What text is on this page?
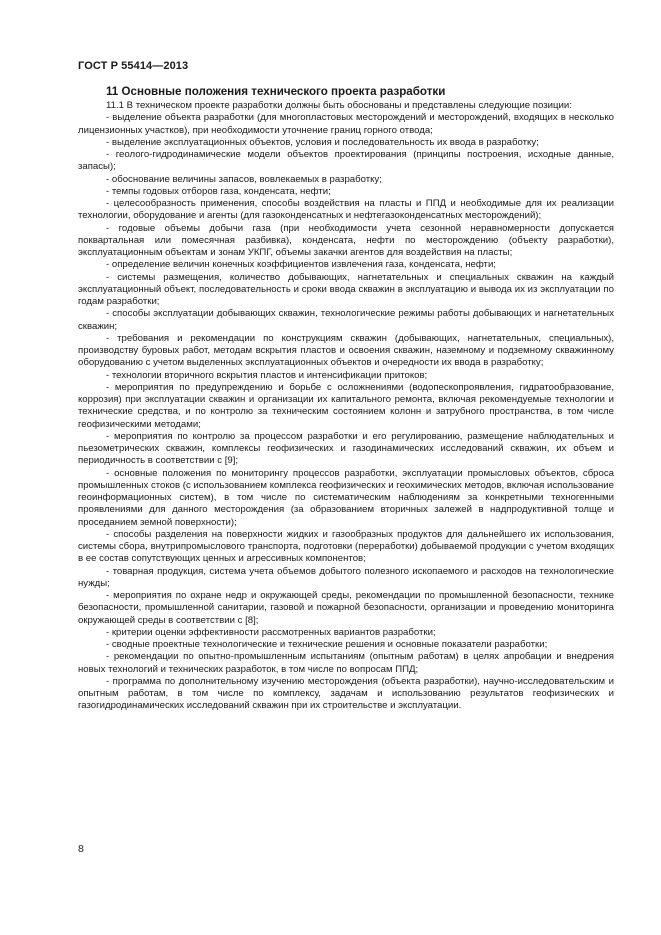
ГОСТ Р 55414—2013
11 Основные положения технического проекта разработки

11.1 В техническом проекте разработки должны быть обоснованы и представлены следующие позиции:

- выделение объекта разработки (для многопластовых месторождений и месторождений, входящих в несколько лицензионных участков), при необходимости уточнение границ горного отвода;

- выделение эксплуатационных объектов, условия и последовательность их ввода в разработку;

- геолого-гидродинамические модели объектов проектирования (принципы построения, исходные данные, запасы);

- обоснование величины запасов, вовлекаемых в разработку;

- темпы годовых отборов газа, конденсата, нефти;

- целесообразность применения, способы воздействия на пласты и ППД и необходимые для их реализации технологии, оборудование и агенты (для газоконденсатных и нефтегазоконденсатных месторождений);

- годовые объемы добычи газа (при необходимости учета сезонной неравномерности допускается поквартальная или помесячная разбивка), конденсата, нефти по месторождению (объекту разработки), эксплуатационным объектам и зонам УКПГ, объемы закачки агентов для воздействия на пласты;

- определение величин конечных коэффициентов извлечения газа, конденсата, нефти;

- системы размещения, количество добывающих, нагнетательных и специальных скважин на каждый эксплуатационный объект, последовательность и сроки ввода скважин в эксплуатацию и вывода их из эксплуатации по годам разработки;

- способы эксплуатации добывающих скважин, технологические режимы работы добывающих и нагнетательных скважин;

- требования и рекомендации по конструкциям скважин (добывающих, нагнетательных, специальных), производству буровых работ, методам вскрытия пластов и освоения скважин, наземному и подземному скважинному оборудованию с учетом выделенных эксплуатационных объектов и очередности их ввода в разработку;

- технологии вторичного вскрытия пластов и интенсификации притоков;

- мероприятия по предупреждению и борьбе с осложнениями (водопескопроявления, гидратообразование, коррозия) при эксплуатации скважин и организации их капитального ремонта, включая рекомендуемые технологии и технические средства, и по контролю за техническим состоянием колонн и затрубного пространства, в том числе геофизическими методами;

- мероприятия по контролю за процессом разработки и его регулированию, размещение наблюдательных и пьезометрических скважин, комплексы геофизических и газодинамических исследований скважин, их объем и периодичность в соответствии с [9];

- основные положения по мониторингу процессов разработки, эксплуатации промысловых объектов, сброса промышленных стоков (с использованием комплекса геофизических и геохимических методов, включая использование геоинформационных систем), в том числе по систематическим наблюдениям за конкретными техногенными проявлениями для данного месторождения (за образованием вторичных залежей в надпродуктивной толще и проседанием земной поверхности);

- способы разделения на поверхности жидких и газообразных продуктов для дальнейшего их использования, системы сбора, внутрипромыслового транспорта, подготовки (переработки) добываемой продукции с учетом входящих в ее состав сопутствующих ценных и агрессивных компонентов;

- товарная продукция, система учета объемов добытого полезного ископаемого и расходов на технологические нужды;

- мероприятия по охране недр и окружающей среды, рекомендации по промышленной безопасности, технике безопасности, промышленной санитарии, газовой и пожарной безопасности, организации и проведению мониторинга окружающей среды в соответствии с [8];

- критерии оценки эффективности рассмотренных вариантов разработки;

- сводные проектные технологические и технические решения и основные показатели разработки;

- рекомендации по опытно-промышленным испытаниям (опытным работам) в целях апробации и внедрения новых технологий и технических разработок, в том числе по вопросам ППД;

- программа по дополнительному изучению месторождения (объекта разработки), научно-исследовательским и опытным работам, в том числе по комплексу, задачам и использованию результатов геофизических и газогидродинамических исследований скважин при их строительстве и эксплуатации.

8
